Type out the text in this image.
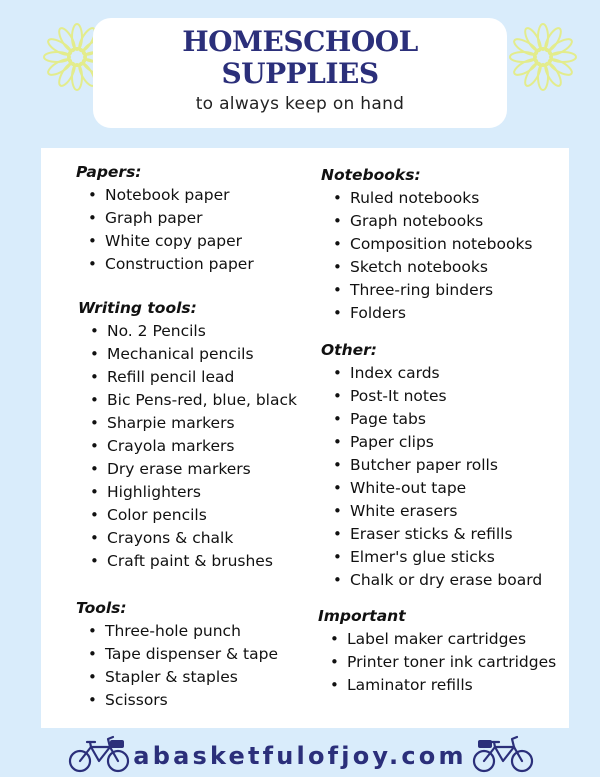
HOMESCHOOL
SUPPLIES
to always keep on hand
Papers:
• Notebook paper
• Graph paper
• White copy paper
• Construction paper
Writing tools:
• No. 2 Pencils
• Mechanical pencils
• Refill pencil lead
• Bic Pens-red, blue, black
• Sharpie markers
• Crayola markers
• Dry erase markers
• Highlighters
• Color pencils
• Crayons & chalk
• Craft paint & brushes
Tools:
• Three-hole punch
• Tape dispenser & tape
• Stapler & staples
• Scissors
Notebooks:
• Ruled notebooks
• Graph notebooks
• Composition notebooks
• Sketch notebooks
• Three-ring binders
• Folders
Other:
• Index cards
• Post-It notes
• Page tabs
• Paper clips
• Butcher paper rolls
• White-out tape
• White erasers
• Eraser sticks & refills
• Elmer's glue sticks
• Chalk or dry erase board
Important
• Label maker cartridges
• Printer toner ink cartridges
• Laminator refills
abasketfulofjoy.com
